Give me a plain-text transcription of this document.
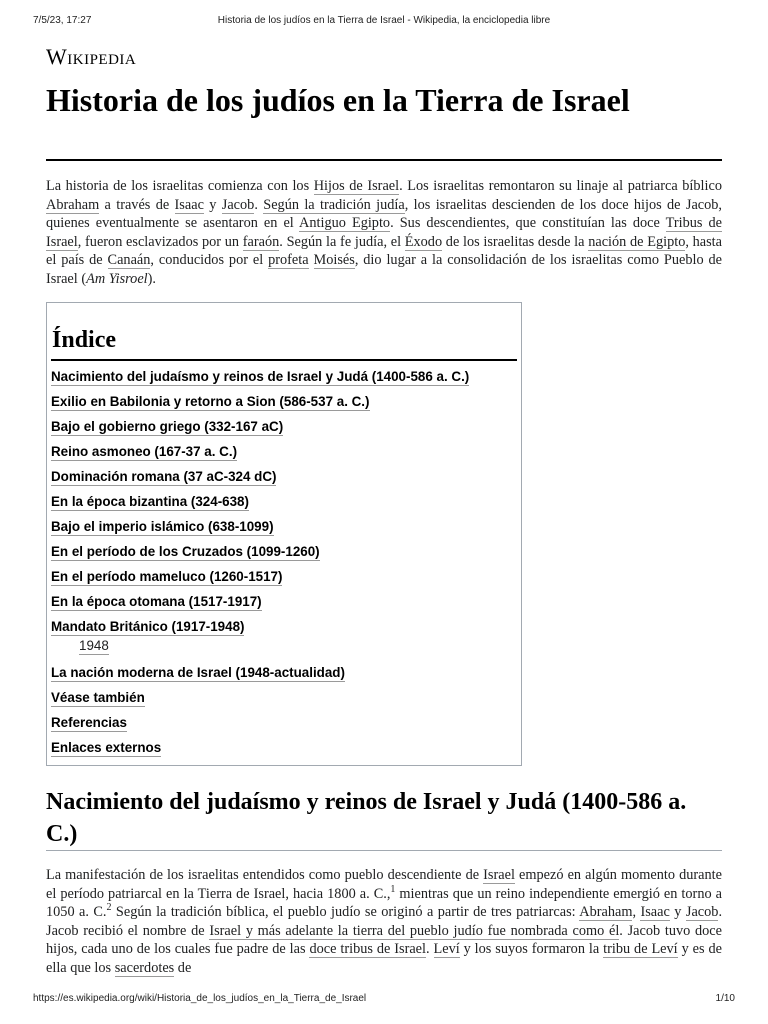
7/5/23, 17:27	Historia de los judíos en la Tierra de Israel - Wikipedia, la enciclopedia libre
Wikipedia
Historia de los judíos en la Tierra de Israel

La historia de los israelitas comienza con los Hijos de Israel. Los israelitas remontaron su linaje al patriarca bíblico Abraham a través de Isaac y Jacob. Según la tradición judía, los israelitas descienden de los doce hijos de Jacob, quienes eventualmente se asentaron en el Antiguo Egipto. Sus descendientes, que constituían las doce Tribus de Israel, fueron esclavizados por un faraón. Según la fe judía, el Éxodo de los israelitas desde la nación de Egipto, hasta el país de Canaán, conducidos por el profeta Moisés, dio lugar a la consolidación de los israelitas como Pueblo de Israel (Am Yisroel).

Índice
Nacimiento del judaísmo y reinos de Israel y Judá (1400-586 a. C.)
Exilio en Babilonia y retorno a Sion (586-537 a. C.)
Bajo el gobierno griego (332-167 aC)
Reino asmoneo (167-37 a. C.)
Dominación romana (37 aC-324 dC)
En la época bizantina (324-638)
Bajo el imperio islámico (638-1099)
En el período de los Cruzados (1099-1260)
En el período mameluco (1260-1517)
En la época otomana (1517-1917)
Mandato Británico (1917-1948)
1948
La nación moderna de Israel (1948-actualidad)
Véase también
Referencias
Enlaces externos
Nacimiento del judaísmo y reinos de Israel y Judá (1400-586 a. C.)

La manifestación de los israelitas entendidos como pueblo descendiente de Israel empezó en algún momento durante el período patriarcal en la Tierra de Israel, hacia 1800 a. C.,$^1$ mientras que un reino independiente emergió en torno a 1050 a. C.$^2$ Según la tradición bíblica, el pueblo judío se originó a partir de tres patriarcas: Abraham, Isaac y Jacob. Jacob recibió el nombre de Israel y más adelante la tierra del pueblo judío fue nombrada como él. Jacob tuvo doce hijos, cada uno de los cuales fue padre de las doce tribus de Israel. Leví y los suyos formaron la tribu de Leví y es de ella que los sacerdotes de

https://es.wikipedia.org/wiki/Historia_de_los_judíos_en_la_Tierra_de_Israel	1/10
